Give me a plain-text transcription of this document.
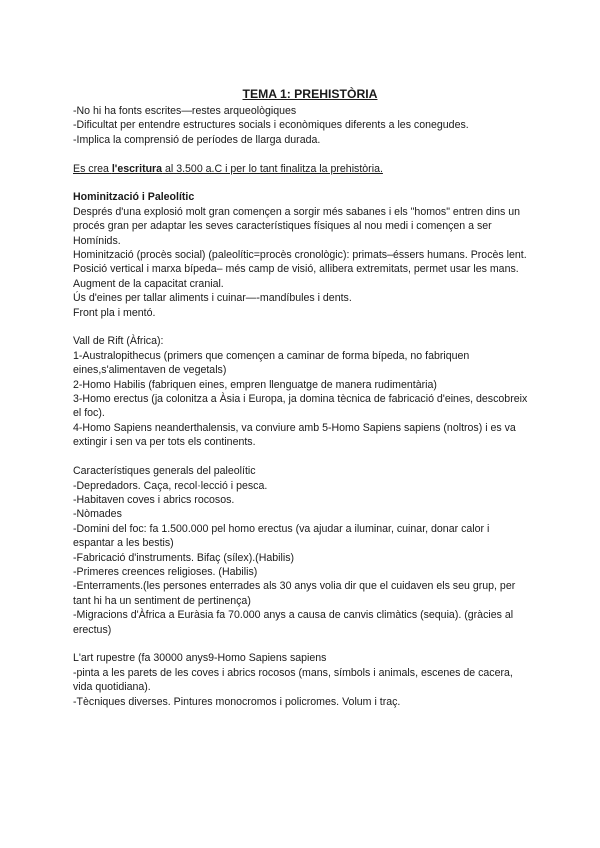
TEMA 1: PREHISTÒRIA

-No hi ha fonts escrites—restes arqueològiques

-Dificultat per entendre estructures socials i econòmiques diferents a les conegudes.

-Implica la comprensió de períodes de llarga durada.

Es crea l'escritura al 3.500 a.C i per lo tant finalitza la prehistòria.

Hominització i Paleolític

Després d'una explosió molt gran començen a sorgir més sabanes i els "homos" entren dins un procés gran per adaptar les seves característiques físiques al nou medi i començen a ser Homínids.

Hominització (procès social) (paleolític=procès cronològic): primats–éssers humans. Procès lent.

Posició vertical i marxa bípeda– més camp de visió, allibera extremitats, permet usar les mans. Augment de la capacitat cranial.

Ús d'eines per tallar aliments i cuinar—-mandíbules i dents.

Front pla i mentó.

Vall de Rift (Àfrica):

1-Australopithecus (primers que començen a caminar de forma bípeda, no fabriquen eines,s'alimentaven de vegetals)

2-Homo Habilis (fabriquen eines, empren llenguatge de manera rudimentària)

3-Homo erectus (ja colonitza a Àsia i Europa, ja domina tècnica de fabricació d'eines, descobreix el foc).

4-Homo Sapiens neanderthalensis, va conviure amb 5-Homo Sapiens sapiens (noltros) i es va extingir i sen va per tots els continents.

Característiques generals del paleolític

-Depredadors. Caça, recol·lecció i pesca.

-Habitaven coves i abrics rocosos.

-Nòmades

-Domini del foc: fa 1.500.000 pel homo erectus (va ajudar a iluminar, cuinar, donar calor i espantar a les bestis)

-Fabricació d'instruments. Bifaç (sílex).(Habilis)

-Primeres creences religioses. (Habilis)

-Enterraments.(les persones enterrades als 30 anys volia dir que el cuidaven els seu grup, per tant hi ha un sentiment de pertinença)

-Migracions d'Àfrica a Euràsia fa 70.000 anys a causa de canvis climàtics (sequia). (gràcies al erectus)

L'art rupestre (fa 30000 anys9-Homo Sapiens sapiens

-pinta a les parets de les coves i abrics rocosos (mans, símbols i animals, escenes de cacera, vida quotidiana).

-Tècniques diverses. Pintures monocromos i policromes. Volum i traç.
